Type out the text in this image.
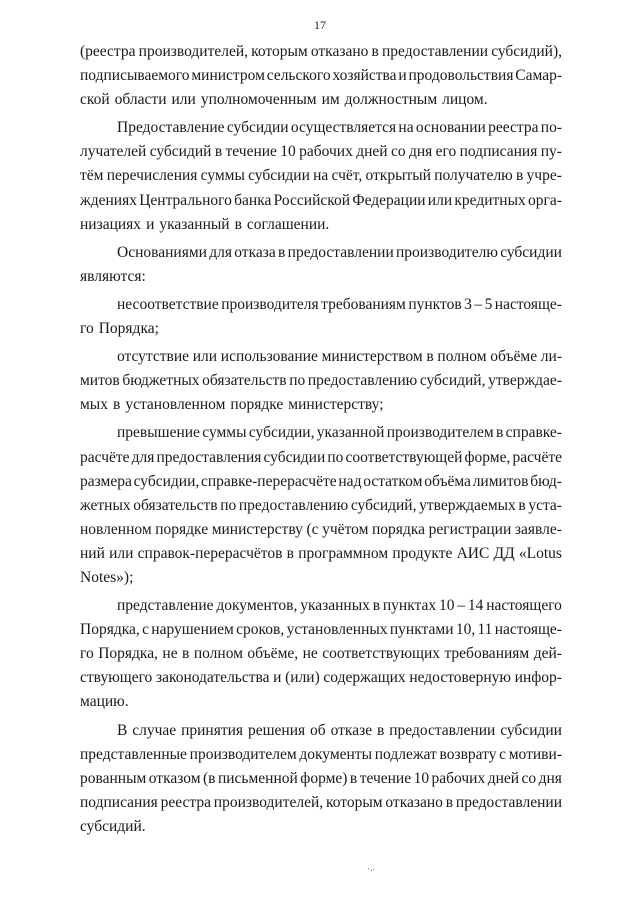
17
(реестра производителей, которым отказано в предоставлении субсидий),
подписываемого министром сельского хозяйства и продовольствия Самар-
ской области или уполномоченным им должностным лицом.
Предоставление субсидии осуществляется на основании реестра по-
лучателей субсидий в течение 10 рабочих дней со дня его подписания пу-
тём перечисления суммы субсидии на счёт, открытый получателю в учре-
ждениях Центрального банка Российской Федерации или кредитных орга-
низациях и указанный в соглашении.
Основаниями для отказа в предоставлении производителю субсидии
являются:
несоответствие производителя требованиям пунктов 3 – 5 настояще-
го Порядка;
отсутствие или использование министерством в полном объёме ли-
митов бюджетных обязательств по предоставлению субсидий, утверждае-
мых в установленном порядке министерству;
превышение суммы субсидии, указанной производителем в справке-
расчёте для предоставления субсидии по соответствующей форме, расчёте
размера субсидии, справке-перерасчёте над остатком объёма лимитов бюд-
жетных обязательств по предоставлению субсидий, утверждаемых в уста-
новленном порядке министерству (с учётом порядка регистрации заявле-
ний или справок-перерасчётов в программном продукте АИС ДД «Lotus
Notes»);
представление документов, указанных в пунктах 10 – 14 настоящего
Порядка, с нарушением сроков, установленных пунктами 10, 11 настояще-
го Порядка, не в полном объёме, не соответствующих требованиям дей-
ствующего законодательства и (или) содержащих недостоверную инфор-
мацию.
В случае принятия решения об отказе в предоставлении субсидии
представленные производителем документы подлежат возврату с мотиви-
рованным отказом (в письменной форме) в течение 10 рабочих дней со дня
подписания реестра производителей, которым отказано в предоставлении
субсидий.
